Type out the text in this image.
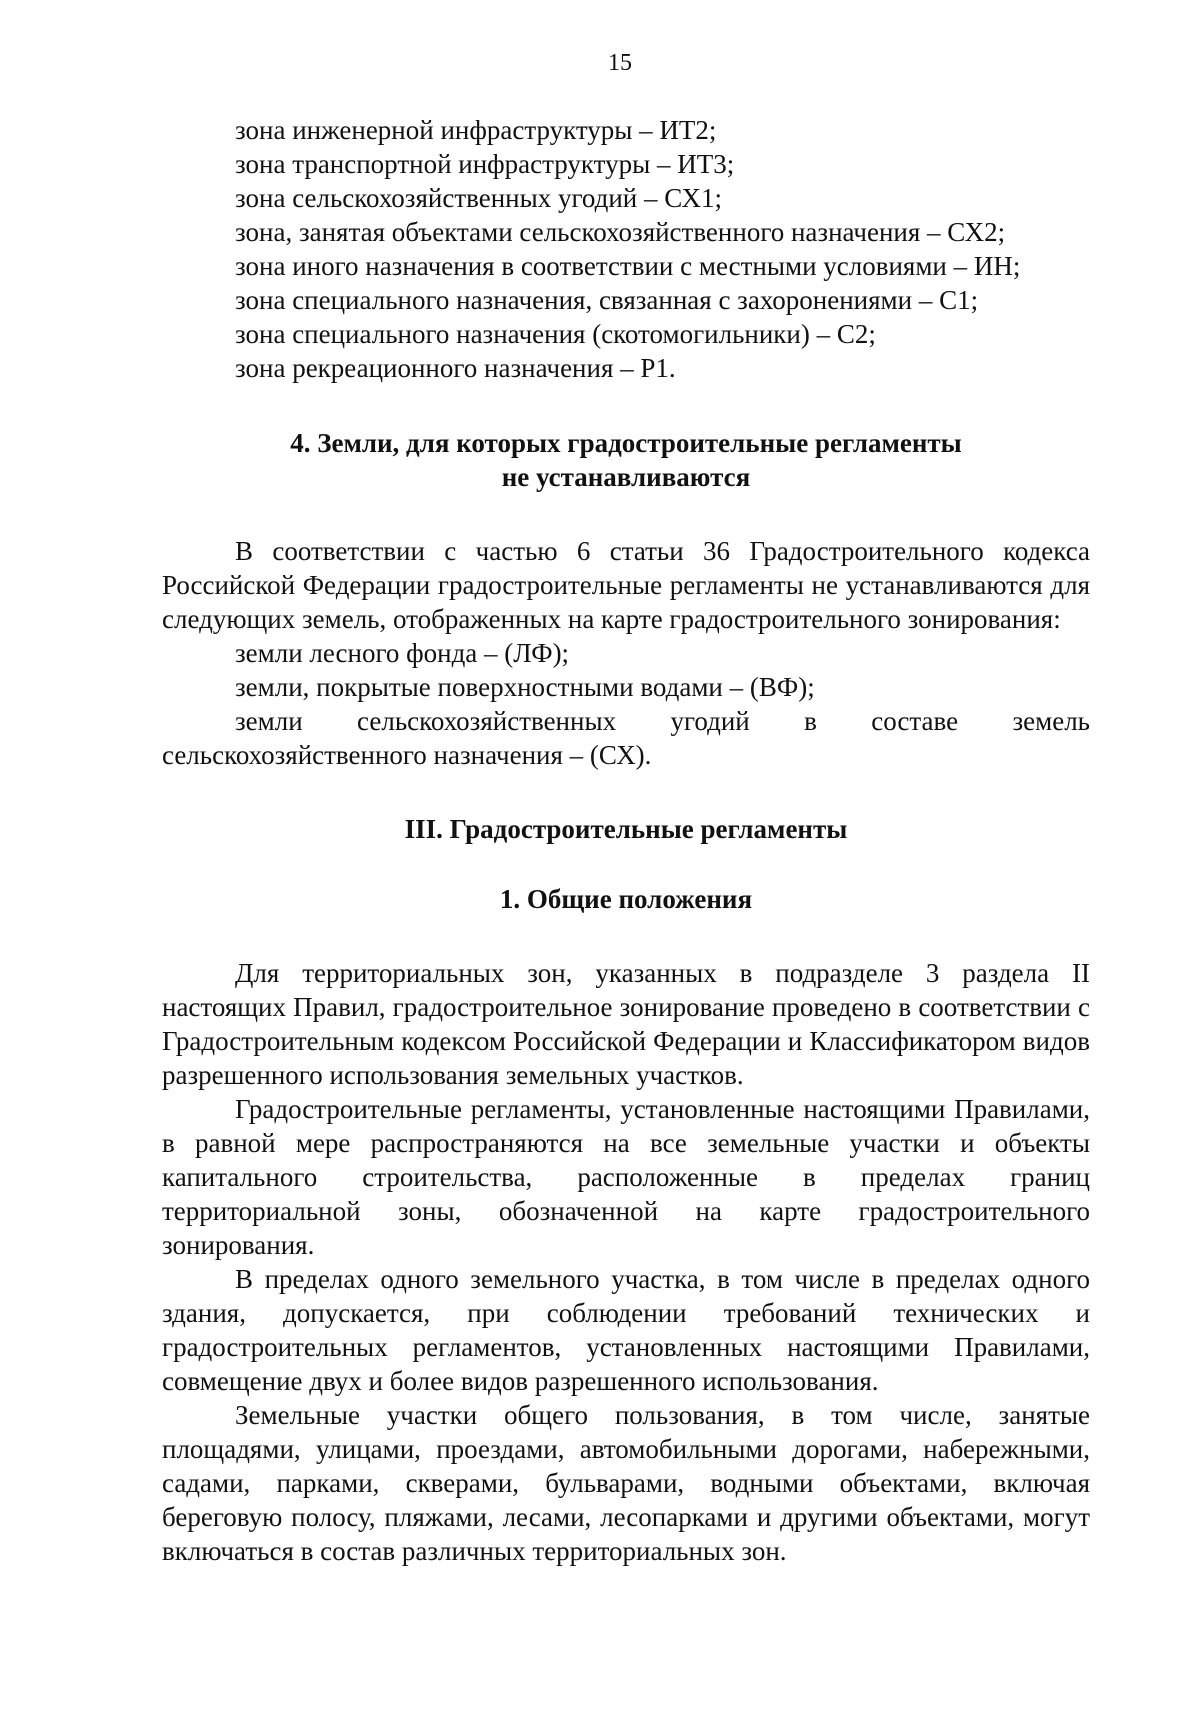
15
зона инженерной инфраструктуры – ИТ2;
зона транспортной инфраструктуры – ИТ3;
зона сельскохозяйственных угодий – СХ1;
зона, занятая объектами сельскохозяйственного назначения – СХ2;
зона иного назначения в соответствии с местными условиями – ИН;
зона специального назначения, связанная с захоронениями – С1;
зона специального назначения (скотомогильники) – С2;
зона рекреационного назначения – Р1.
4. Земли, для которых градостроительные регламенты
не устанавливаются
В соответствии с частью 6 статьи 36 Градостроительного кодекса Российской Федерации градостроительные регламенты не устанавливаются для следующих земель, отображенных на карте градостроительного зонирования:
земли лесного фонда – (ЛФ);
земли, покрытые поверхностными водами – (ВФ);
земли сельскохозяйственных угодий в составе земель сельскохозяйственного назначения – (СХ).
III. Градостроительные регламенты
1. Общие положения
Для территориальных зон, указанных в подразделе 3 раздела II настоящих Правил, градостроительное зонирование проведено в соответствии с Градостроительным кодексом Российской Федерации и Классификатором видов разрешенного использования земельных участков.
Градостроительные регламенты, установленные настоящими Правилами, в равной мере распространяются на все земельные участки и объекты капитального строительства, расположенные в пределах границ территориальной зоны, обозначенной на карте градостроительного зонирования.
В пределах одного земельного участка, в том числе в пределах одного здания, допускается, при соблюдении требований технических и градостроительных регламентов, установленных настоящими Правилами, совмещение двух и более видов разрешенного использования.
Земельные участки общего пользования, в том числе, занятые площадями, улицами, проездами, автомобильными дорогами, набережными, садами, парками, скверами, бульварами, водными объектами, включая береговую полосу, пляжами, лесами, лесопарками и другими объектами, могут включаться в состав различных территориальных зон.
